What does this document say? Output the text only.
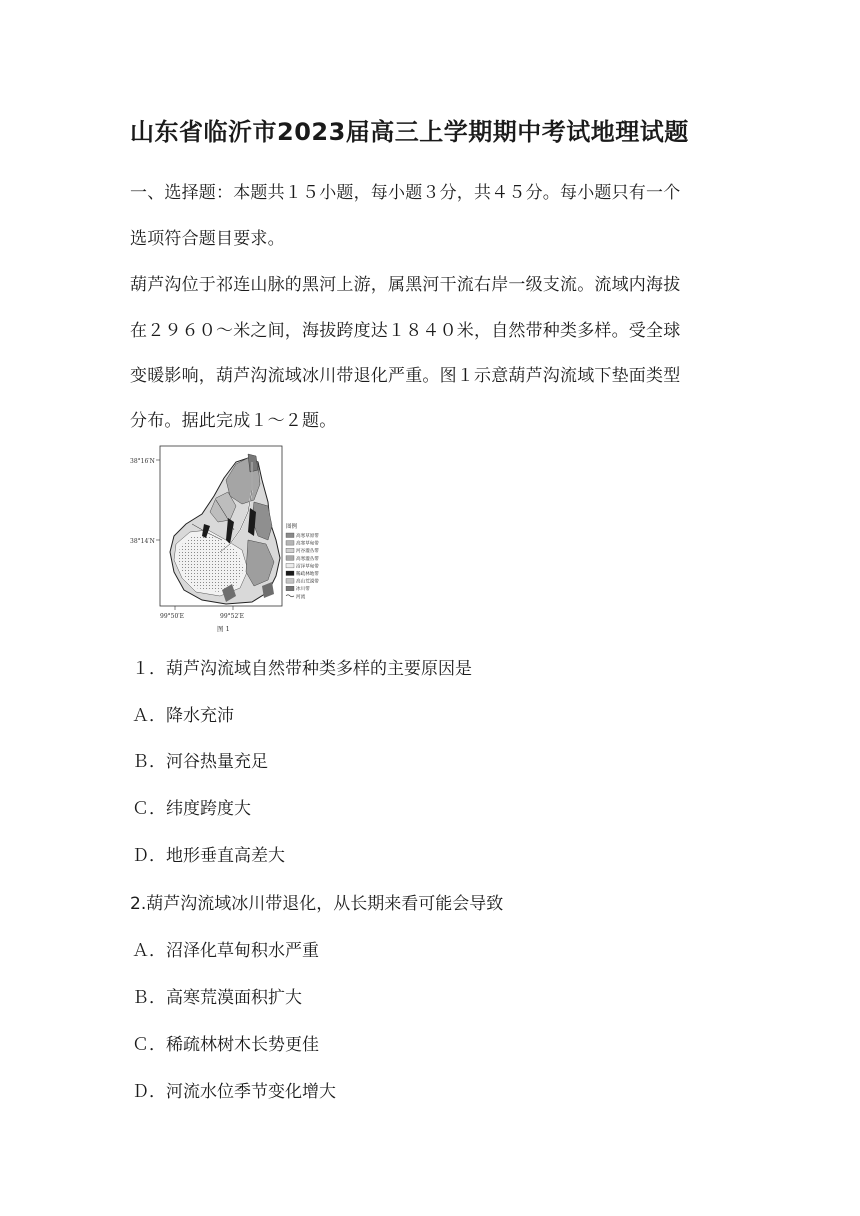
山东省临沂市2023届高三上学期期中考试地理试题
一、选择题：本题共１５小题，每小题３分，共４５分。每小题只有一个
选项符合题目要求。
葫芦沟位于祁连山脉的黑河上游，属黑河干流右岸一级支流。流域内海拔
在２９６０～米之间，海拔跨度达１８４０米，自然带种类多样。受全球
变暖影响，葫芦沟流域冰川带退化严重。图１示意葫芦沟流域下垫面类型
分布。据此完成１～２题。
38°16′N
38°14′N
99°50′E	99°52′E
图 1
图例
高寒草原带
高寒草甸带
河谷灌丛带
高寒灌丛带
沼泽草甸带
稀疏林地带
高山荒漠带
冰川带
河流
１．葫芦沟流域自然带种类多样的主要原因是
Ａ．降水充沛
Ｂ．河谷热量充足
Ｃ．纬度跨度大
Ｄ．地形垂直高差大
2.葫芦沟流域冰川带退化，从长期来看可能会导致
Ａ．沼泽化草甸积水严重
Ｂ．高寒荒漠面积扩大
Ｃ．稀疏林树木长势更佳
Ｄ．河流水位季节变化增大
